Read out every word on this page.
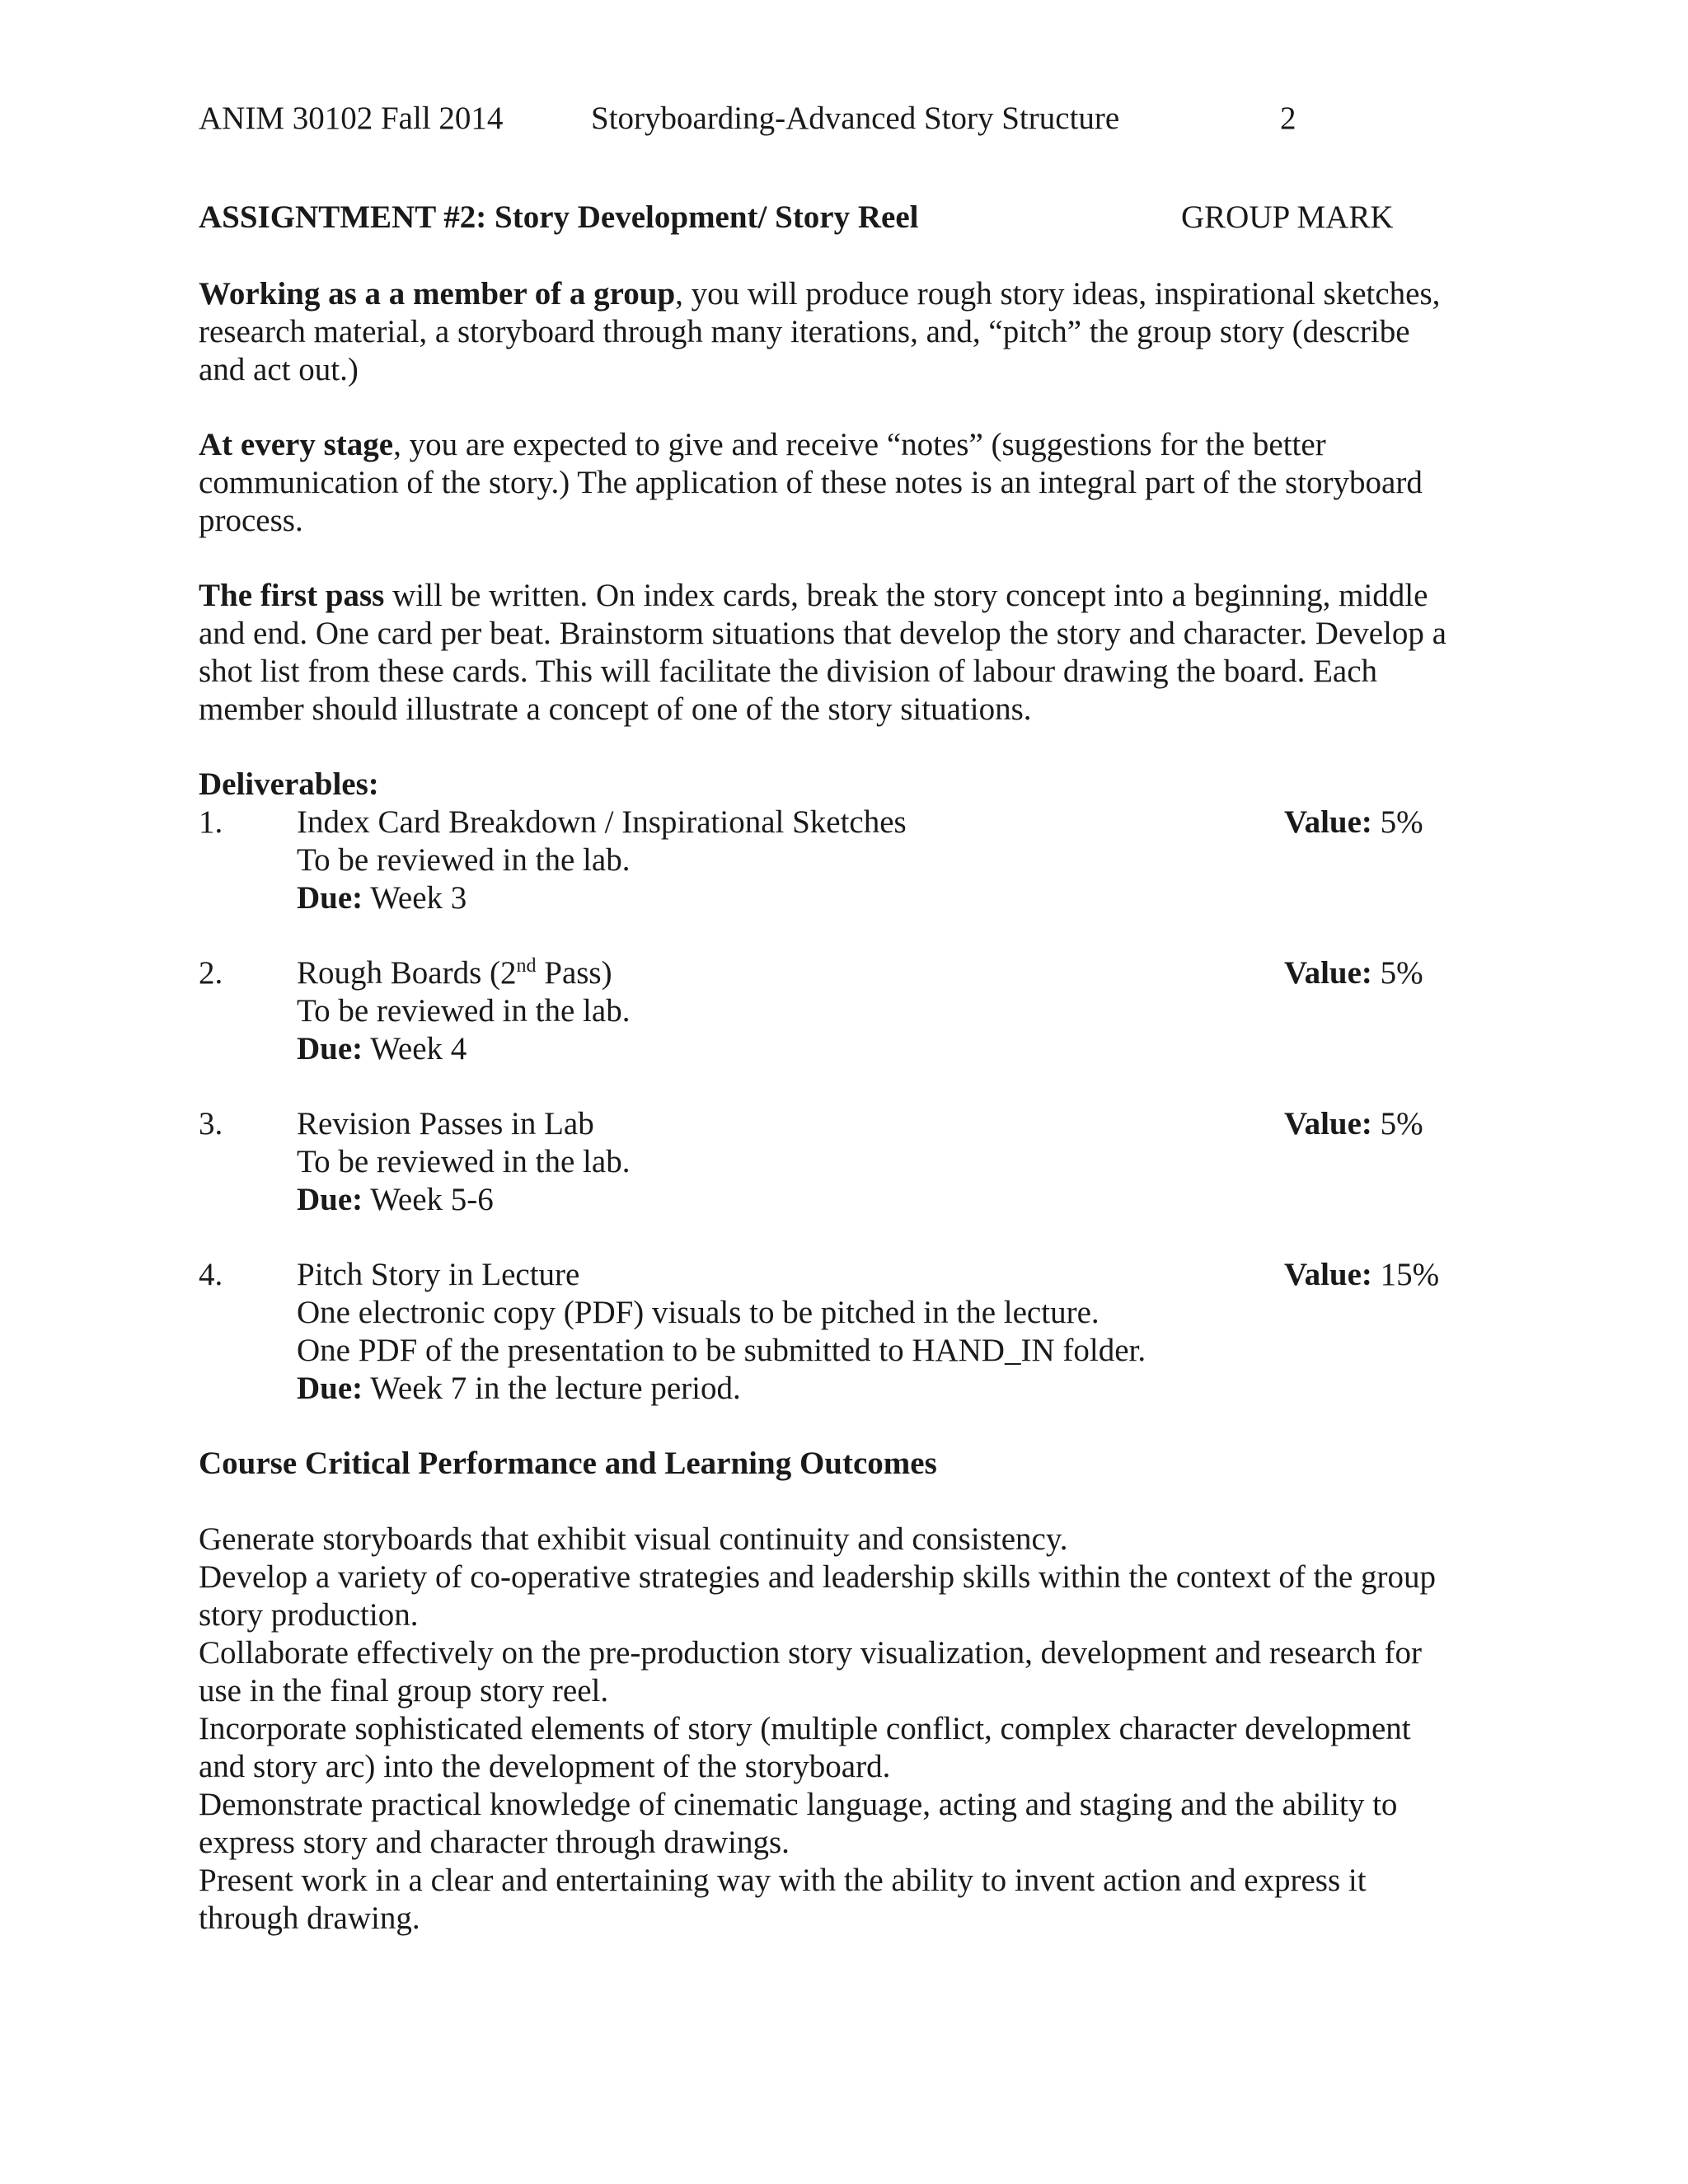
ANIM 30102 Fall 2014	Storyboarding-Advanced Story Structure	2
ASSIGNTMENT #2: Story Development/ Story Reel	GROUP MARK
Working as a a member of a group, you will produce rough story ideas, inspirational sketches,
research material, a storyboard through many iterations, and, “pitch” the group story (describe
and act out.)
At every stage, you are expected to give and receive “notes” (suggestions for the better
communication of the story.) The application of these notes is an integral part of the storyboard
process.
The first pass will be written. On index cards, break the story concept into a beginning, middle
and end. One card per beat. Brainstorm situations that develop the story and character. Develop a
shot list from these cards. This will facilitate the division of labour drawing the board. Each
member should illustrate a concept of one of the story situations.
Deliverables:
1. Index Card Breakdown / Inspirational Sketches	Value: 5%
To be reviewed in the lab.
Due: Week 3
2. Rough Boards (2nd Pass)	Value: 5%
To be reviewed in the lab.
Due: Week 4
3. Revision Passes in Lab	Value: 5%
To be reviewed in the lab.
Due: Week 5-6
4. Pitch Story in Lecture	Value: 15%
One electronic copy (PDF) visuals to be pitched in the lecture.
One PDF of the presentation to be submitted to HAND_IN folder.
Due: Week 7 in the lecture period.
Course Critical Performance and Learning Outcomes
Generate storyboards that exhibit visual continuity and consistency.
Develop a variety of co-operative strategies and leadership skills within the context of the group
story production.
Collaborate effectively on the pre-production story visualization, development and research for
use in the final group story reel.
Incorporate sophisticated elements of story (multiple conflict, complex character development
and story arc) into the development of the storyboard.
Demonstrate practical knowledge of cinematic language, acting and staging and the ability to
express story and character through drawings.
Present work in a clear and entertaining way with the ability to invent action and express it
through drawing.
